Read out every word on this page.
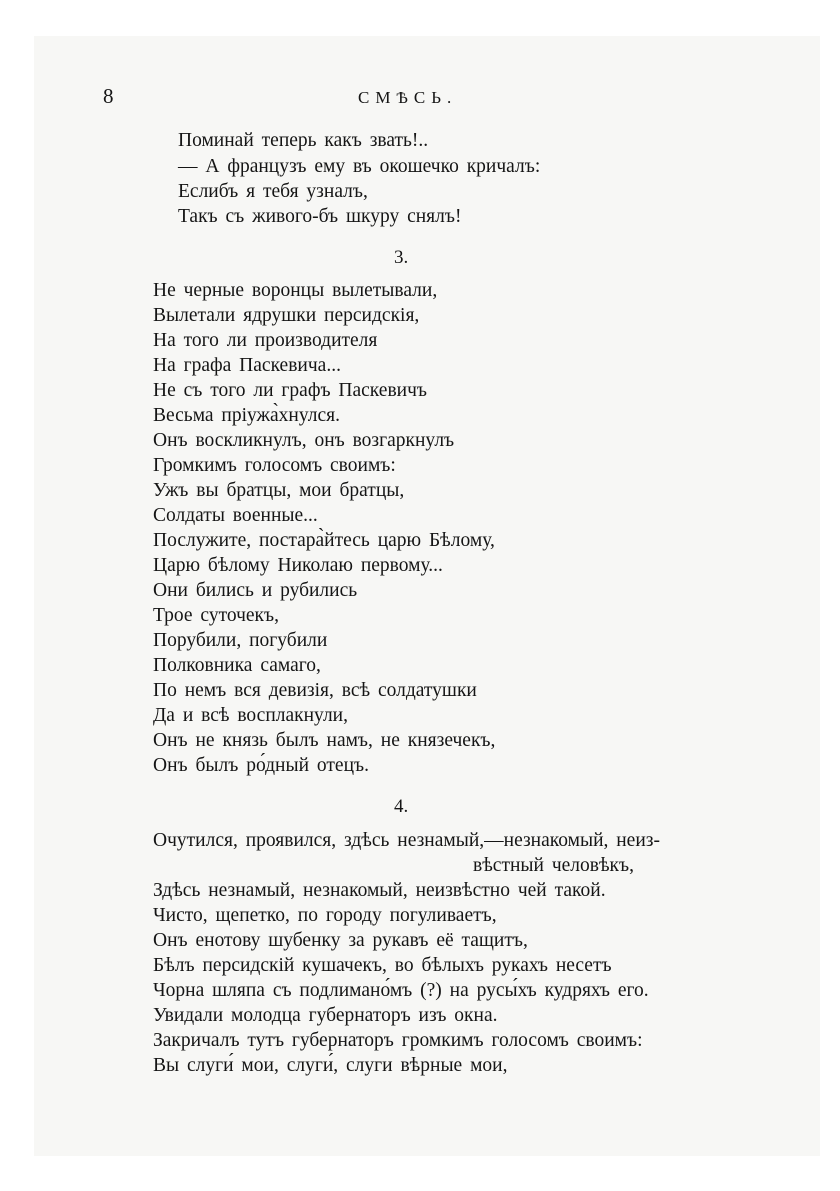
8	СМѢСЬ.
Поминай теперь какъ звать!..
— А французъ ему въ окошечко кричалъ:
Еслибъ я тебя узналъ,
Такъ съ живого-бъ шкуру снялъ!
3.
Не черные воронцы вылетывали,
Вылетали ядрушки персидскія,
На того ли производителя
На графа Паскевича...
Не съ того ли графъ Паскевичъ
Весьма пріужа̀хнулся.
Онъ воскликнулъ, онъ возгаркнулъ
Громкимъ голосомъ своимъ:
Ужъ вы братцы, мои братцы,
Солдаты военные...
Послужите, постара̀йтесь царю Бѣлому,
Царю бѣлому Николаю первому...
Они бились и рубились
Трое суточекъ,
Порубили, погубили
Полковника самаго,
По немъ вся девизія, всѣ солдатушки
Да и всѣ восплакнули,
Онъ не князь былъ намъ, не князечекъ,
Онъ былъ ро́дный отецъ.
4.
Очутился, проявился, здѣсь незнамый,—незнакомый, неиз-
вѣстный человѣкъ,
Здѣсь незнамый, незнакомый, неизвѣстно чей такой.
Чисто, щепетко, по городу погуливаетъ,
Онъ енотову шубенку за рукавъ её тащитъ,
Бѣлъ персидскій кушачекъ, во бѣлыхъ рукахъ несетъ
Чорна шляпа съ подлимано́мъ (?) на русы́хъ кудряхъ его.
Увидали молодца губернаторъ изъ окна.
Закричалъ тутъ губернаторъ громкимъ голосомъ своимъ:
Вы слуги́ мои, слуги́, слуги вѣрные мои,
